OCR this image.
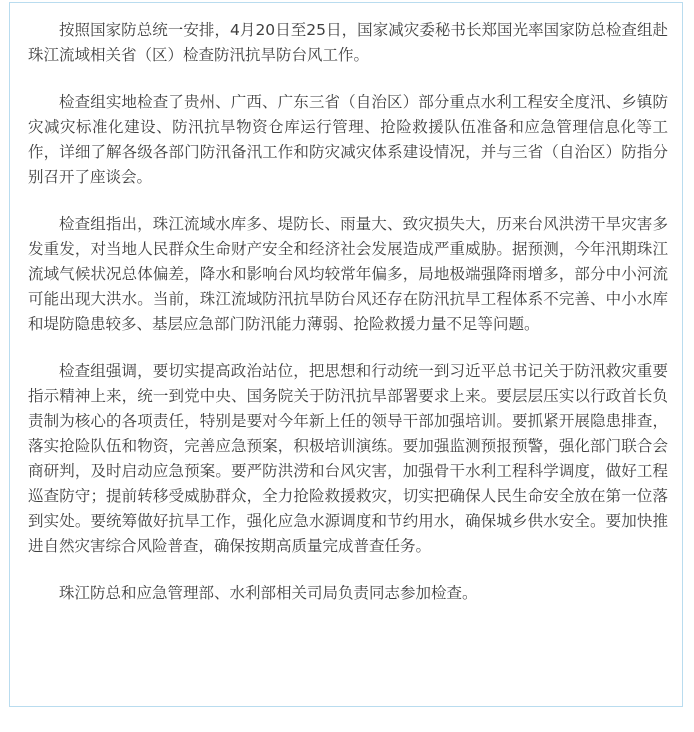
按照国家防总统一安排，4月20日至25日，国家减灾委秘书长郑国光率国家防总检查组赴珠江流域相关省（区）检查防汛抗旱防台风工作。

检查组实地检查了贵州、广西、广东三省（自治区）部分重点水利工程安全度汛、乡镇防灾减灾标准化建设、防汛抗旱物资仓库运行管理、抢险救援队伍准备和应急管理信息化等工作，详细了解各级各部门防汛备汛工作和防灾减灾体系建设情况，并与三省（自治区）防指分别召开了座谈会。

检查组指出，珠江流域水库多、堤防长、雨量大、致灾损失大，历来台风洪涝干旱灾害多发重发，对当地人民群众生命财产安全和经济社会发展造成严重威胁。据预测，今年汛期珠江流域气候状况总体偏差，降水和影响台风均较常年偏多，局地极端强降雨增多，部分中小河流可能出现大洪水。当前，珠江流域防汛抗旱防台风还存在防汛抗旱工程体系不完善、中小水库和堤防隐患较多、基层应急部门防汛能力薄弱、抢险救援力量不足等问题。

检查组强调，要切实提高政治站位，把思想和行动统一到习近平总书记关于防汛救灾重要指示精神上来，统一到党中央、国务院关于防汛抗旱部署要求上来。要层层压实以行政首长负责制为核心的各项责任，特别是要对今年新上任的领导干部加强培训。要抓紧开展隐患排查，落实抢险队伍和物资，完善应急预案，积极培训演练。要加强监测预报预警，强化部门联合会商研判，及时启动应急预案。要严防洪涝和台风灾害，加强骨干水利工程科学调度，做好工程巡查防守；提前转移受威胁群众，全力抢险救援救灾，切实把确保人民生命安全放在第一位落到实处。要统筹做好抗旱工作，强化应急水源调度和节约用水，确保城乡供水安全。要加快推进自然灾害综合风险普查，确保按期高质量完成普查任务。

珠江防总和应急管理部、水利部相关司局负责同志参加检查。
